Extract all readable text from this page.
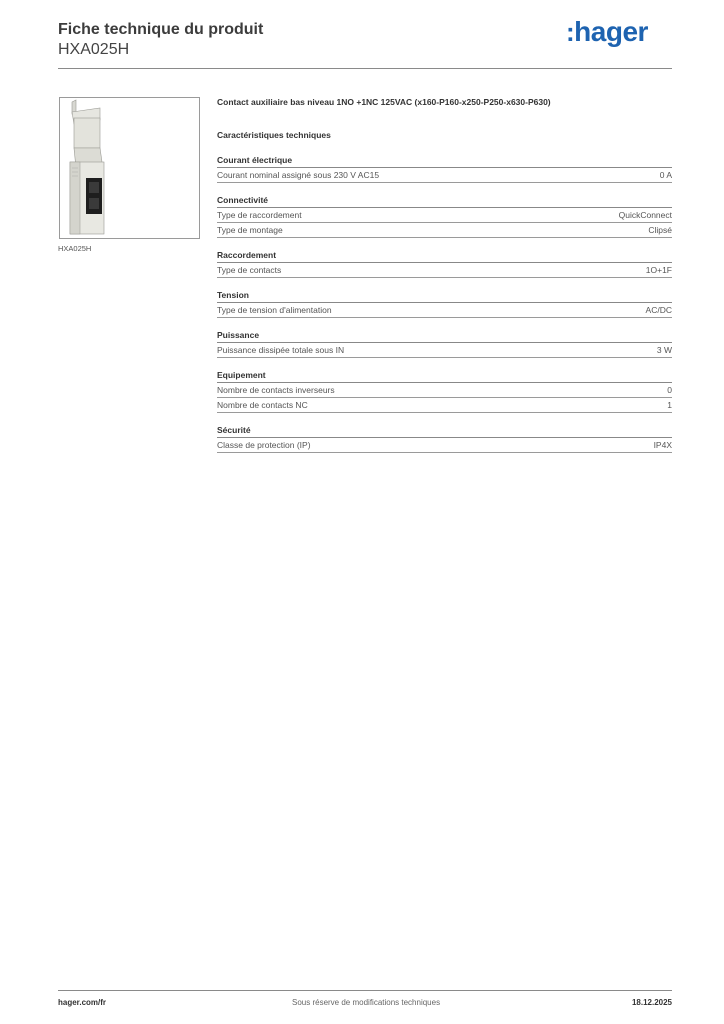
Fiche technique du produit
HXA025H
:hager
HXA025H
Contact auxiliaire bas niveau 1NO +1NC 125VAC (x160-P160-x250-P250-x630-P630)
Caractéristiques techniques
Courant électrique
Courant nominal assigné sous 230 V AC15	0 A
Connectivité
Type de raccordement	QuickConnect
Type de montage	Clipsé
Raccordement
Type de contacts	1O+1F
Tension
Type de tension d'alimentation	AC/DC
Puissance
Puissance dissipée totale sous IN	3 W
Equipement
Nombre de contacts inverseurs	0
Nombre de contacts NC	1
Sécurité
Classe de protection (IP)	IP4X
hager.com/fr	Sous réserve de modifications techniques	18.12.2025
